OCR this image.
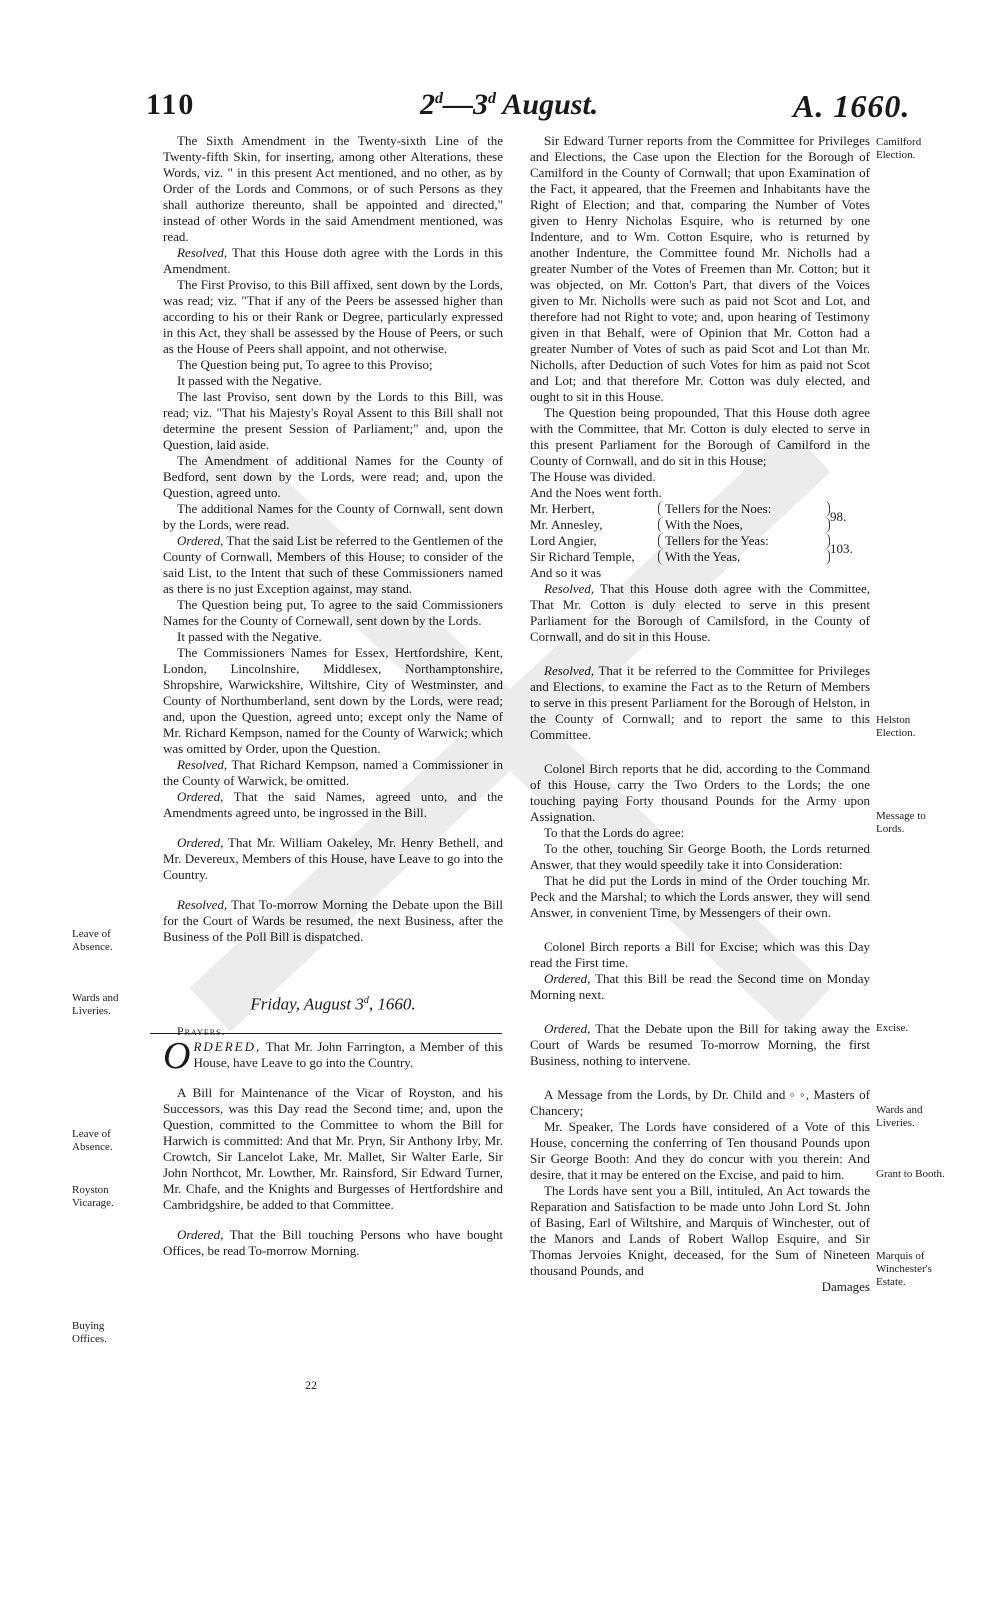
110	2$^d$—3$^d$ August.	A. 1660.

The Sixth Amendment in the Twenty-sixth Line of the Twenty-fifth Skin, for inserting, among other Alterations, these Words, viz. " in this present Act mentioned, and no other, as by Order of the Lords and Commons, or of such Persons as they shall authorize thereunto, shall be appointed and directed," instead of other Words in the said Amendment mentioned, was read.

Resolved, That this House doth agree with the Lords in this Amendment.

The First Proviso, to this Bill affixed, sent down by the Lords, was read; viz. "That if any of the Peers be assessed higher than according to his or their Rank or Degree, particularly expressed in this Act, they shall be assessed by the House of Peers, or such as the House of Peers shall appoint, and not otherwise.

The Question being put, To agree to this Proviso;

It passed with the Negative.

The last Proviso, sent down by the Lords to this Bill, was read; viz. "That his Majesty's Royal Assent to this Bill shall not determine the present Session of Parliament;" and, upon the Question, laid aside.

The Amendment of additional Names for the County of Bedford, sent down by the Lords, were read; and, upon the Question, agreed unto.

The additional Names for the County of Cornwall, sent down by the Lords, were read.

Ordered, That the said List be referred to the Gentlemen of the County of Cornwall, Members of this House; to consider of the said List, to the Intent that such of these Commissioners named as there is no just Exception against, may stand.

The Question being put, To agree to the said Commissioners Names for the County of Cornewall, sent down by the Lords.

It passed with the Negative.

The Commissioners Names for Essex, Hertfordshire, Kent, London, Lincolnshire, Middlesex, Northamptonshire, Shropshire, Warwickshire, Wiltshire, City of Westminster, and County of Northumberland, sent down by the Lords, were read; and, upon the Question, agreed unto; except only the Name of Mr. Richard Kempson, named for the County of Warwick; which was omitted by Order, upon the Question.

Resolved, That Richard Kempson, named a Commissioner in the County of Warwick, be omitted.

Ordered, That the said Names, agreed unto, and the Amendments agreed unto, be ingrossed in the Bill.

Ordered, That Mr. William Oakeley, Mr. Henry Bethell, and Mr. Devereux, Members of this House, have Leave to go into the Country.

Resolved, That To-morrow Morning the Debate upon the Bill for the Court of Wards be resumed, the next Business, after the Business of the Poll Bill is dispatched.

Friday, August 3$^d$, 1660.

Prayers.

ORDERED, That Mr. John Farrington, a Member of this House, have Leave to go into the Country.

A Bill for Maintenance of the Vicar of Royston, and his Successors, was this Day read the Second time; and, upon the Question, committed to the Committee to whom the Bill for Harwich is committed: And that Mr. Pryn, Sir Anthony Irby, Mr. Crowtch, Sir Lancelot Lake, Mr. Mallet, Sir Walter Earle, Sir John Northcot, Mr. Lowther, Mr. Rainsford, Sir Edward Turner, Mr. Chafe, and the Knights and Burgesses of Hertfordshire and Cambridgshire, be added to that Committee.

Ordered, That the Bill touching Persons who have bought Offices, be read To-morrow Morning.

Leave of Absence.
Wards and Liveries.
Leave of Absence.
Royston Vicarage.
Buying Offices.
22

Sir Edward Turner reports from the Committee for Privileges and Elections, the Case upon the Election for the Borough of Camilford in the County of Cornwall; that upon Examination of the Fact, it appeared, that the Freemen and Inhabitants have the Right of Election; and that, comparing the Number of Votes given to Henry Nicholas Esquire, who is returned by one Indenture, and to Wm. Cotton Esquire, who is returned by another Indenture, the Committee found Mr. Nicholls had a greater Number of the Votes of Freemen than Mr. Cotton; but it was objected, on Mr. Cotton's Part, that divers of the Voices given to Mr. Nicholls were such as paid not Scot and Lot, and therefore had not Right to vote; and, upon hearing of Testimony given in that Behalf, were of Opinion that Mr. Cotton had a greater Number of Votes of such as paid Scot and Lot than Mr. Nicholls, after Deduction of such Votes for him as paid not Scot and Lot; and that therefore Mr. Cotton was duly elected, and ought to sit in this House.

The Question being propounded, That this House doth agree with the Committee, that Mr. Cotton is duly elected to serve in this present Parliament for the Borough of Camilford in the County of Cornwall, and do sit in this House;

The House was divided.

And the Noes went forth.

Mr. Herbert,	Tellers for the Noes:
98.
Mr. Annesley,	With the Noes,
Lord Angier,	Tellers for the Yeas:
103.
Sir Richard Temple,	With the Yeas,

And so it was

Resolved, That this House doth agree with the Committee, That Mr. Cotton is duly elected to serve in this present Parliament for the Borough of Camilsford, in the County of Cornwall, and do sit in this House.

Resolved, That it be referred to the Committee for Privileges and Elections, to examine the Fact as to the Return of Members to serve in this present Parliament for the Borough of Helston, in the County of Cornwall; and to report the same to this Committee.

Colonel Birch reports that he did, according to the Command of this House, carry the Two Orders to the Lords; the one touching paying Forty thousand Pounds for the Army upon Assignation.

To that the Lords do agree:

To the other, touching Sir George Booth, the Lords returned Answer, that they would speedily take it into Consideration:

That he did put the Lords in mind of the Order touching Mr. Peck and the Marshal; to which the Lords answer, they will send Answer, in convenient Time, by Messengers of their own.

Colonel Birch reports a Bill for Excise; which was this Day read the First time.

Ordered, That this Bill be read the Second time on Monday Morning next.

Ordered, That the Debate upon the Bill for taking away the Court of Wards be resumed To-morrow Morning, the first Business, nothing to intervene.

A Message from the Lords, by Dr. Child and ◦ ◦, Masters of Chancery;

Mr. Speaker, The Lords have considered of a Vote of this House, concerning the conferring of Ten thousand Pounds upon Sir George Booth: And they do concur with you therein: And desire, that it may be entered on the Excise, and paid to him.

The Lords have sent you a Bill, intituled, An Act towards the Reparation and Satisfaction to be made unto John Lord St. John of Basing, Earl of Wiltshire, and Marquis of Winchester, out of the Manors and Lands of Robert Wallop Esquire, and Sir Thomas Jervoies Knight, deceased, for the Sum of Nineteen thousand Pounds, and

Damages

Camilford Election.
Helston Election.
Message to Lords.
Excise.
Wards and Liveries.
Grant to Booth.
Marquis of Winchester's Estate.
